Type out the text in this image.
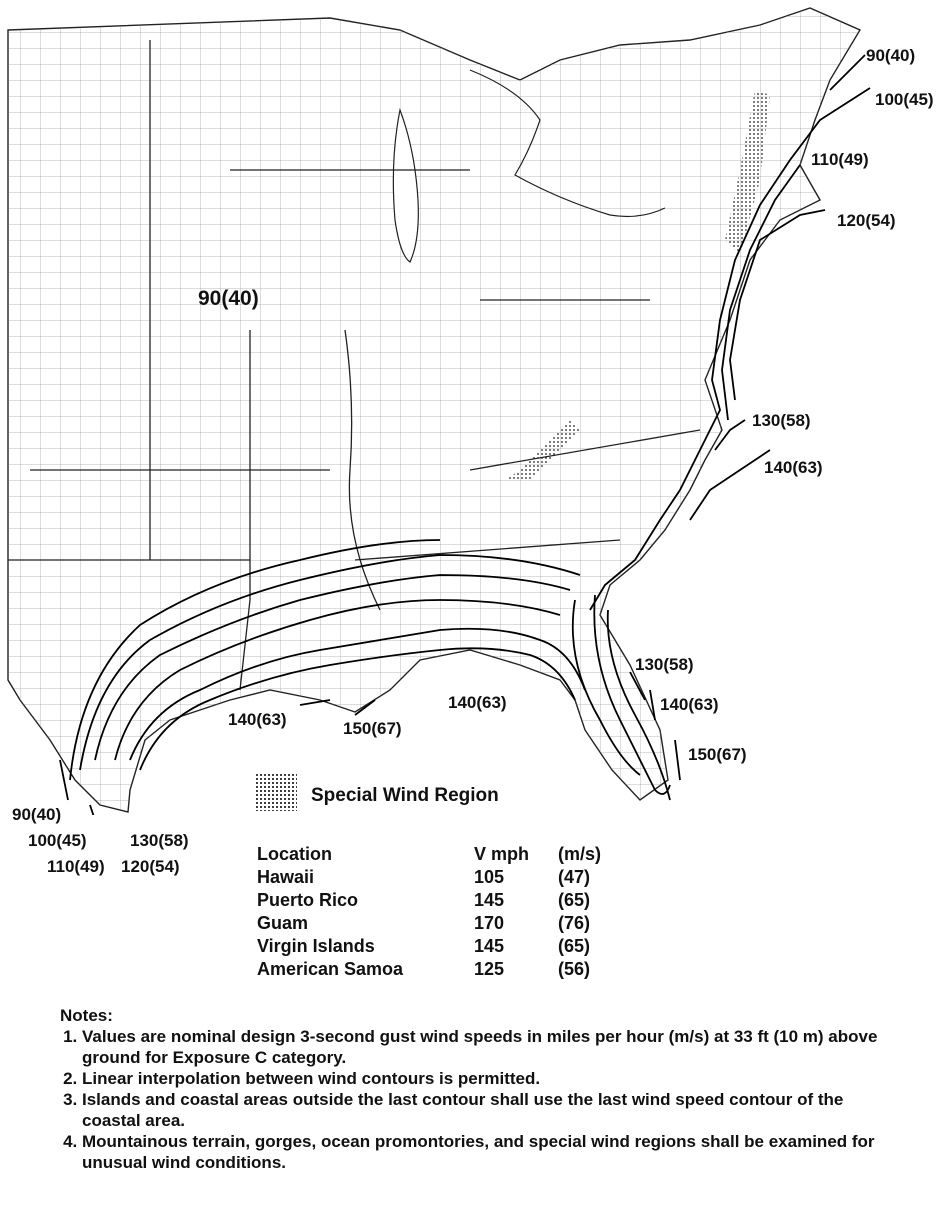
90(40)
90(40)
100(45)
110(49)
120(54)
130(58)
140(63)
130(58)
140(63)
150(67)
140(63)
140(63)	150(67)
90(40)
100(45)	130(58)
110(49) 120(54)
Special Wind Region
Location	V mph	(m/s)
Hawaii	105	(47)
Puerto Rico	145	(65)
Guam	170	(76)
Virgin Islands	145	(65)
American Samoa	125	(56)
Notes:
1. Values are nominal design 3-second gust wind speeds in miles per hour (m/s) at 33 ft (10 m) above ground for Exposure C category.
2. Linear interpolation between wind contours is permitted.
3. Islands and coastal areas outside the last contour shall use the last wind speed contour of the coastal area.
4. Mountainous terrain, gorges, ocean promontories, and special wind regions shall be examined for unusual wind conditions.
